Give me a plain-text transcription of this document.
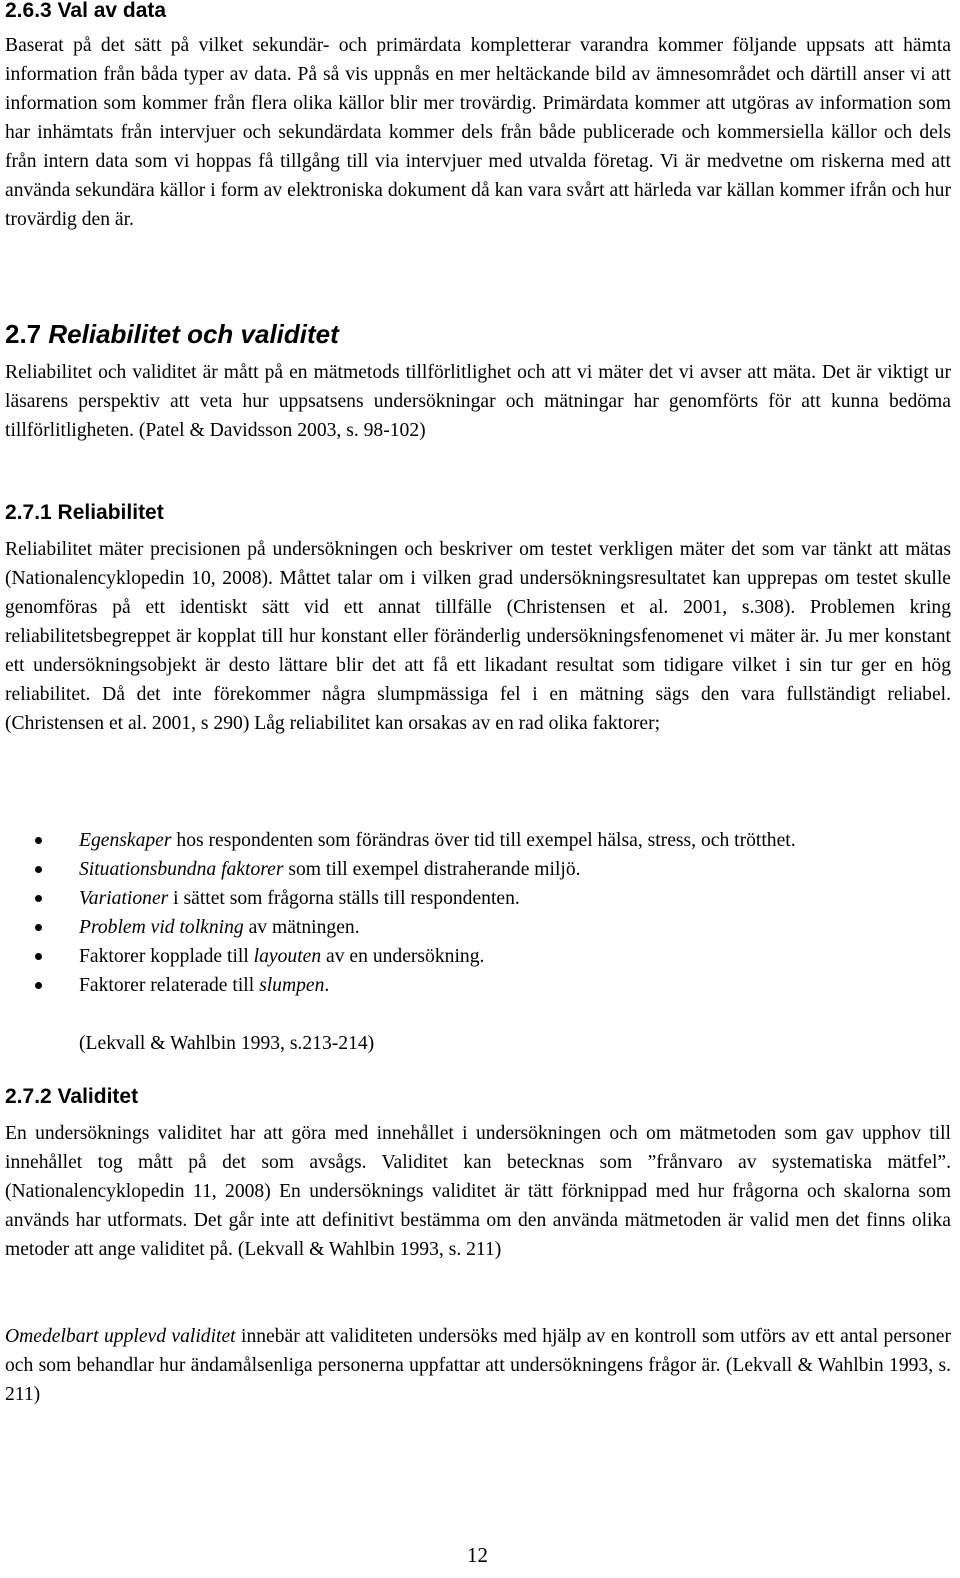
2.6.3 Val av data

Baserat på det sätt på vilket sekundär- och primärdata kompletterar varandra kommer följande uppsats att hämta information från båda typer av data. På så vis uppnås en mer heltäckande bild av ämnesområdet och därtill anser vi att information som kommer från flera olika källor blir mer trovärdig. Primärdata kommer att utgöras av information som har inhämtats från intervjuer och sekundärdata kommer dels från både publicerade och kommersiella källor och dels från intern data som vi hoppas få tillgång till via intervjuer med utvalda företag. Vi är medvetne om riskerna med att använda sekundära källor i form av elektroniska dokument då kan vara svårt att härleda var källan kommer ifrån och hur trovärdig den är.

2.7 Reliabilitet och validitet

Reliabilitet och validitet är mått på en mätmetods tillförlitlighet och att vi mäter det vi avser att mäta. Det är viktigt ur läsarens perspektiv att veta hur uppsatsens undersökningar och mätningar har genomförts för att kunna bedöma tillförlitligheten. (Patel & Davidsson 2003, s. 98-102)

2.7.1 Reliabilitet

Reliabilitet mäter precisionen på undersökningen och beskriver om testet verkligen mäter det som var tänkt att mätas (Nationalencyklopedin 10, 2008). Måttet talar om i vilken grad undersökningsresultatet kan upprepas om testet skulle genomföras på ett identiskt sätt vid ett annat tillfälle (Christensen et al. 2001, s.308). Problemen kring reliabilitetsbegreppet är kopplat till hur konstant eller föränderlig undersökningsfenomenet vi mäter är. Ju mer konstant ett undersökningsobjekt är desto lättare blir det att få ett likadant resultat som tidigare vilket i sin tur ger en hög reliabilitet. Då det inte förekommer några slumpmässiga fel i en mätning sägs den vara fullständigt reliabel. (Christensen et al. 2001, s 290) Låg reliabilitet kan orsakas av en rad olika faktorer;

Egenskaper hos respondenten som förändras över tid till exempel hälsa, stress, och trötthet.
Situationsbundna faktorer som till exempel distraherande miljö.
Variationer i sättet som frågorna ställs till respondenten.
Problem vid tolkning av mätningen.
Faktorer kopplade till layouten av en undersökning.
Faktorer relaterade till slumpen.
(Lekvall & Wahlbin 1993, s.213-214)
2.7.2 Validitet

En undersöknings validitet har att göra med innehållet i undersökningen och om mätmetoden som gav upphov till innehållet tog mått på det som avsågs. Validitet kan betecknas som ”frånvaro av systematiska mätfel”.(Nationalencyklopedin 11, 2008) En undersöknings validitet är tätt förknippad med hur frågorna och skalorna som används har utformats. Det går inte att definitivt bestämma om den använda mätmetoden är valid men det finns olika metoder att ange validitet på. (Lekvall & Wahlbin 1993, s. 211)

Omedelbart upplevd validitet innebär att validiteten undersöks med hjälp av en kontroll som utförs av ett antal personer och som behandlar hur ändamålsenliga personerna uppfattar att undersökningens frågor är. (Lekvall & Wahlbin 1993, s. 211)

12
